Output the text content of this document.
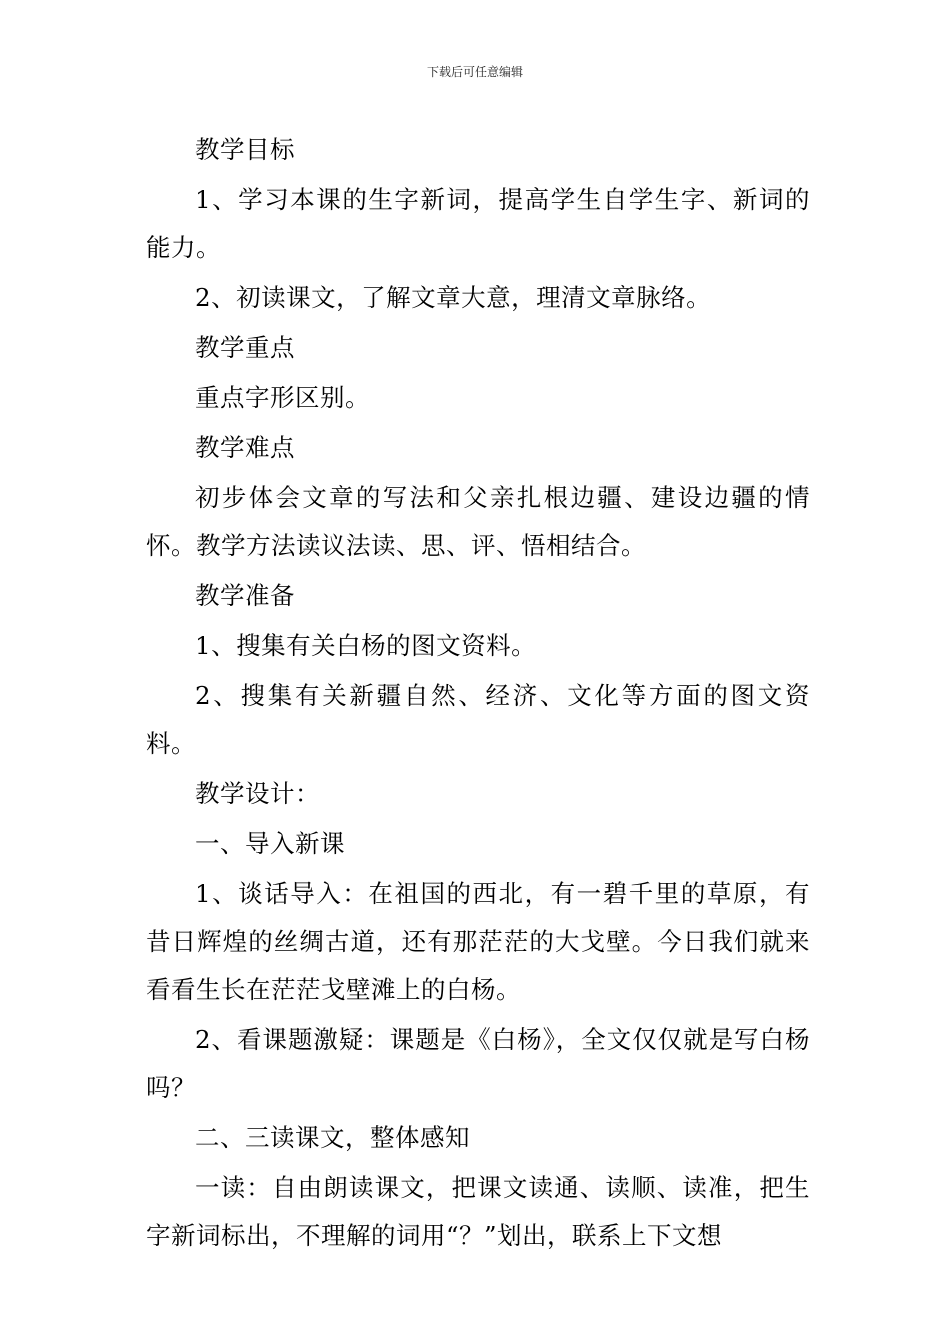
下载后可任意编辑

教学目标

1、学习本课的生字新词，提高学生自学生字、新词的能力。

2、初读课文，了解文章大意，理清文章脉络。

教学重点

重点字形区别。

教学难点

初步体会文章的写法和父亲扎根边疆、建设边疆的情怀。教学方法读议法读、思、评、悟相结合。

教学准备

1、搜集有关白杨的图文资料。

2、搜集有关新疆自然、经济、文化等方面的图文资料。

教学设计：

一、导入新课

1、谈话导入：在祖国的西北，有一碧千里的草原，有昔日辉煌的丝绸古道，还有那茫茫的大戈壁。今日我们就来看看生长在茫茫戈壁滩上的白杨。

2、看课题激疑：课题是《白杨》，全文仅仅就是写白杨吗？

二、三读课文，整体感知

一读：自由朗读课文，把课文读通、读顺、读准，把生字新词标出，不理解的词用“？”划出，联系上下文想
